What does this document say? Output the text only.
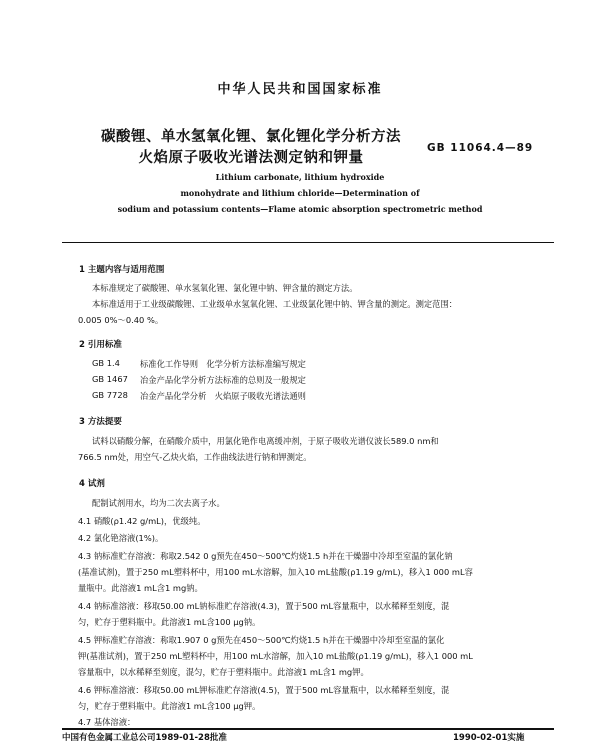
中华人民共和国国家标准
碳酸锂、单水氢氧化锂、氯化锂化学分析方法
火焰原子吸收光谱法测定钠和钾量
GB 11064.4—89
Lithium carbonate, lithium hydroxide
monohydrate and lithium chloride—Determination of
sodium and potassium contents—Flame atomic absorption spectrometric method
1 主题内容与适用范围
本标准规定了碳酸锂、单水氢氧化锂、氯化锂中钠、钾含量的测定方法。
本标准适用于工业级碳酸锂、工业级单水氢氧化锂、工业级氯化锂中钠、钾含量的测定。测定范围：
0.005 0%～0.40 %。
2 引用标准
GB 1.4 标准化工作导则　化学分析方法标准编写规定
GB 1467 冶金产品化学分析方法标准的总则及一般规定
GB 7728 冶金产品化学分析　火焰原子吸收光谱法通则
3 方法提要
试料以硝酸分解，在硝酸介质中，用氯化铯作电离缓冲剂，于原子吸收光谱仪波长589.0 nm和
766.5 nm处，用空气-乙炔火焰，工作曲线法进行钠和钾测定。
4 试剂
配制试剂用水，均为二次去离子水。
4.1 硝酸(ρ1.42 g/mL)，优级纯。
4.2 氯化铯溶液(1%)。
4.3 钠标准贮存溶液：称取2.542 0 g预先在450～500℃灼烧1.5 h并在干燥器中冷却至室温的氯化钠
(基准试剂)，置于250 mL塑料杯中，用100 mL水溶解，加入10 mL盐酸(ρ1.19 g/mL)，移入1 000 mL容
量瓶中。此溶液1 mL含1 mg钠。
4.4 钠标准溶液：移取50.00 mL钠标准贮存溶液(4.3)，置于500 mL容量瓶中，以水稀释至刻度，混
匀，贮存于塑料瓶中。此溶液1 mL含100 μg钠。
4.5 钾标准贮存溶液：称取1.907 0 g预先在450～500℃灼烧1.5 h并在干燥器中冷却至室温的氯化
钾(基准试剂)，置于250 mL塑料杯中，用100 mL水溶解，加入10 mL盐酸(ρ1.19 g/mL)，移入1 000 mL
容量瓶中，以水稀释至刻度，混匀，贮存于塑料瓶中。此溶液1 mL含1 mg钾。
4.6 钾标准溶液：移取50.00 mL钾标准贮存溶液(4.5)，置于500 mL容量瓶中，以水稀释至刻度，混
匀，贮存于塑料瓶中。此溶液1 mL含100 μg钾。
4.7 基体溶液：
中国有色金属工业总公司1989-01-28批准	1990-02-01实施
